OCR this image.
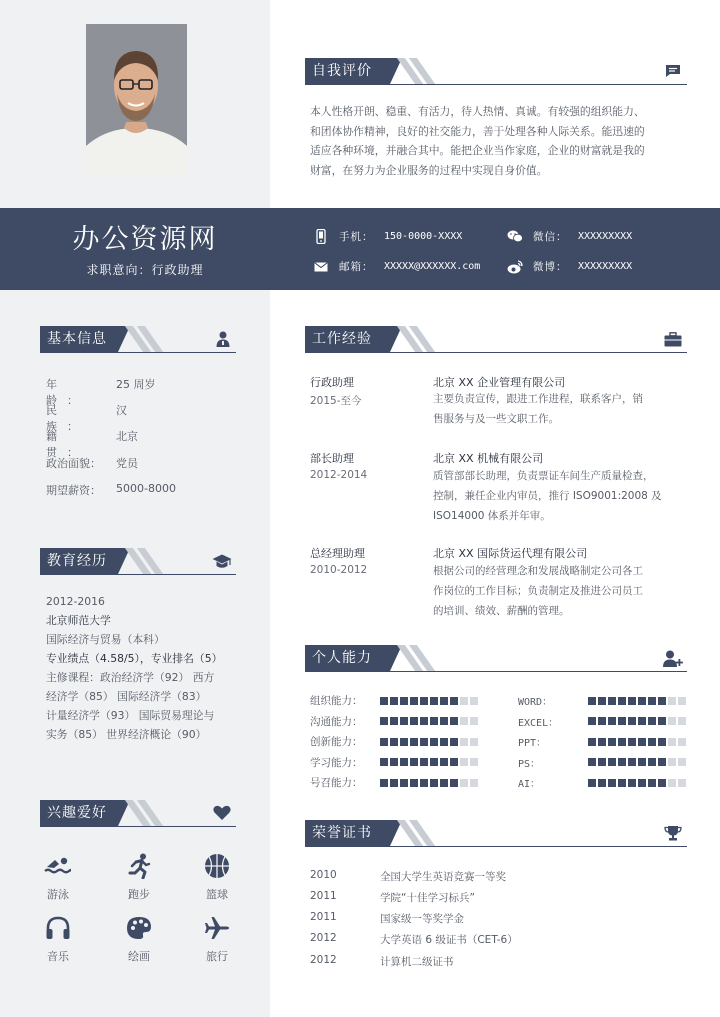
自我评价
本人性格开朗、稳重、有活力，待人热情、真诚。有较强的组织能力、
和团体协作精神，良好的社交能力，善于处理各种人际关系。能迅速的
适应各种环境，并融合其中。能把企业当作家庭，企业的财富就是我的
财富，在努力为企业服务的过程中实现自身价值。
办公资源网
求职意向：行政助理
手机：	150-0000-XXXX	微信：	XXXXXXXXX
邮箱：	XXXXX@XXXXXX.com	微博：	XXXXXXXXX
基本信息
年 龄：
25 周岁
民 族：
汉
籍 贯：
北京
政治面貌：	党员
期望薪资：	5000-8000
教育经历
2012-2016
北京师范大学
国际经济与贸易（本科）
专业绩点（4.58/5），专业排名（5）
主修课程：政治经济学（92） 西方
经济学（85） 国际经济学（83）
计量经济学（93） 国际贸易理论与
实务（85） 世界经济概论（90）
兴趣爱好
游泳	跑步	篮球
音乐	绘画	旅行
工作经验
行政助理
2015-至今
北京 XX 企业管理有限公司
主要负责宣传，跟进工作进程，联系客户，销
售服务与及一些文职工作。
部长助理
2012-2014
北京 XX 机械有限公司
质管部部长助理，负责票证车间生产质量检查，
控制，兼任企业内审员，推行 ISO9001:2008 及
ISO14000 体系并年审。
总经理助理
2010-2012
北京 XX 国际货运代理有限公司
根据公司的经营理念和发展战略制定公司各工
作岗位的工作目标；负责制定及推进公司员工
的培训、绩效、薪酬的管理。
个人能力
组织能力：
沟通能力：
创新能力：
学习能力：
号召能力：
WORD：
EXCEL：
PPT：
PS：
AI：
荣誉证书
2010	全国大学生英语竞赛一等奖
2011	学院“十佳学习标兵”
2011	国家级一等奖学金
2012	大学英语 6 级证书（CET-6）
2012	计算机二级证书
